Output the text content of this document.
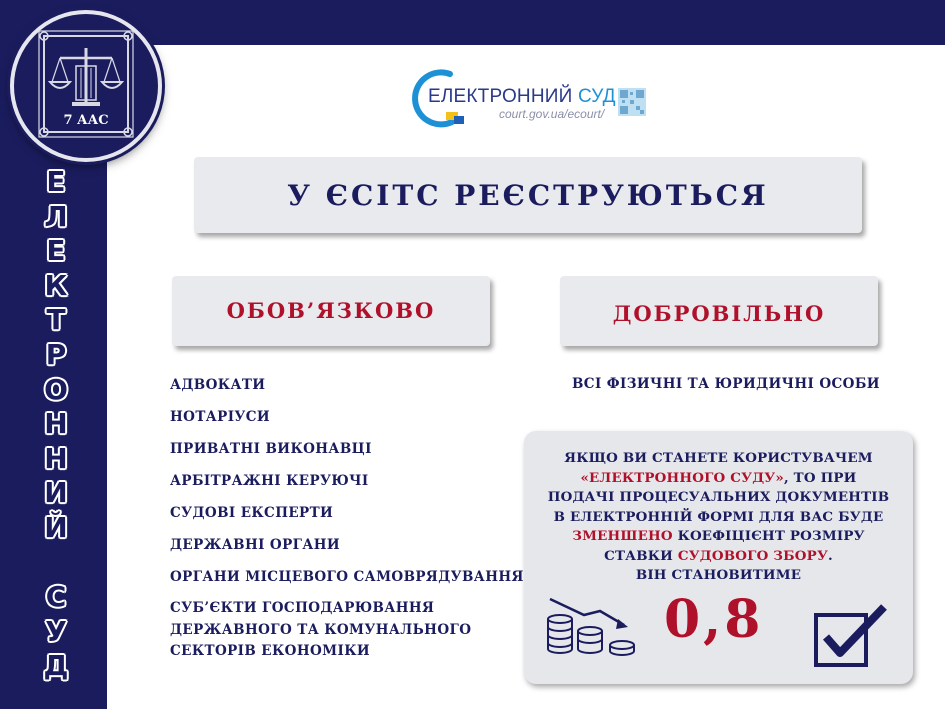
7 ААС
Е
Л
Е
К
Т
Р
О
Н
Н
И
Й
С
У
Д
ЕЛЕКТРОННИЙ СУД
court.gov.ua/ecourt/
У ЄСІТС РЕЄСТРУЮТЬСЯ
ОБОВ’ЯЗКОВО
АДВОКАТИ
НОТАРІУСИ
ПРИВАТНІ ВИКОНАВЦІ
АРБІТРАЖНІ КЕРУЮЧІ
СУДОВІ ЕКСПЕРТИ
ДЕРЖАВНІ ОРГАНИ
ОРГАНИ МІСЦЕВОГО САМОВРЯДУВАННЯ
СУБ’ЄКТИ ГОСПОДАРЮВАННЯ
ДЕРЖАВНОГО ТА КОМУНАЛЬНОГО
СЕКТОРІВ ЕКОНОМІКИ
ДОБРОВІЛЬНО
ВСІ ФІЗИЧНІ ТА ЮРИДИЧНІ ОСОБИ

ЯКЩО ВИ СТАНЕТЕ КОРИСТУВАЧЕМ
«ЕЛЕКТРОННОГО СУДУ», ТО ПРИ
ПОДАЧІ ПРОЦЕСУАЛЬНИХ ДОКУМЕНТІВ
В ЕЛЕКТРОННІЙ ФОРМІ ДЛЯ ВАС БУДЕ
ЗМЕНШЕНО КОЕФІЦІЄНТ РОЗМІРУ
СТАВКИ СУДОВОГО ЗБОРУ.
ВІН СТАНОВИТИМЕ

0,8
